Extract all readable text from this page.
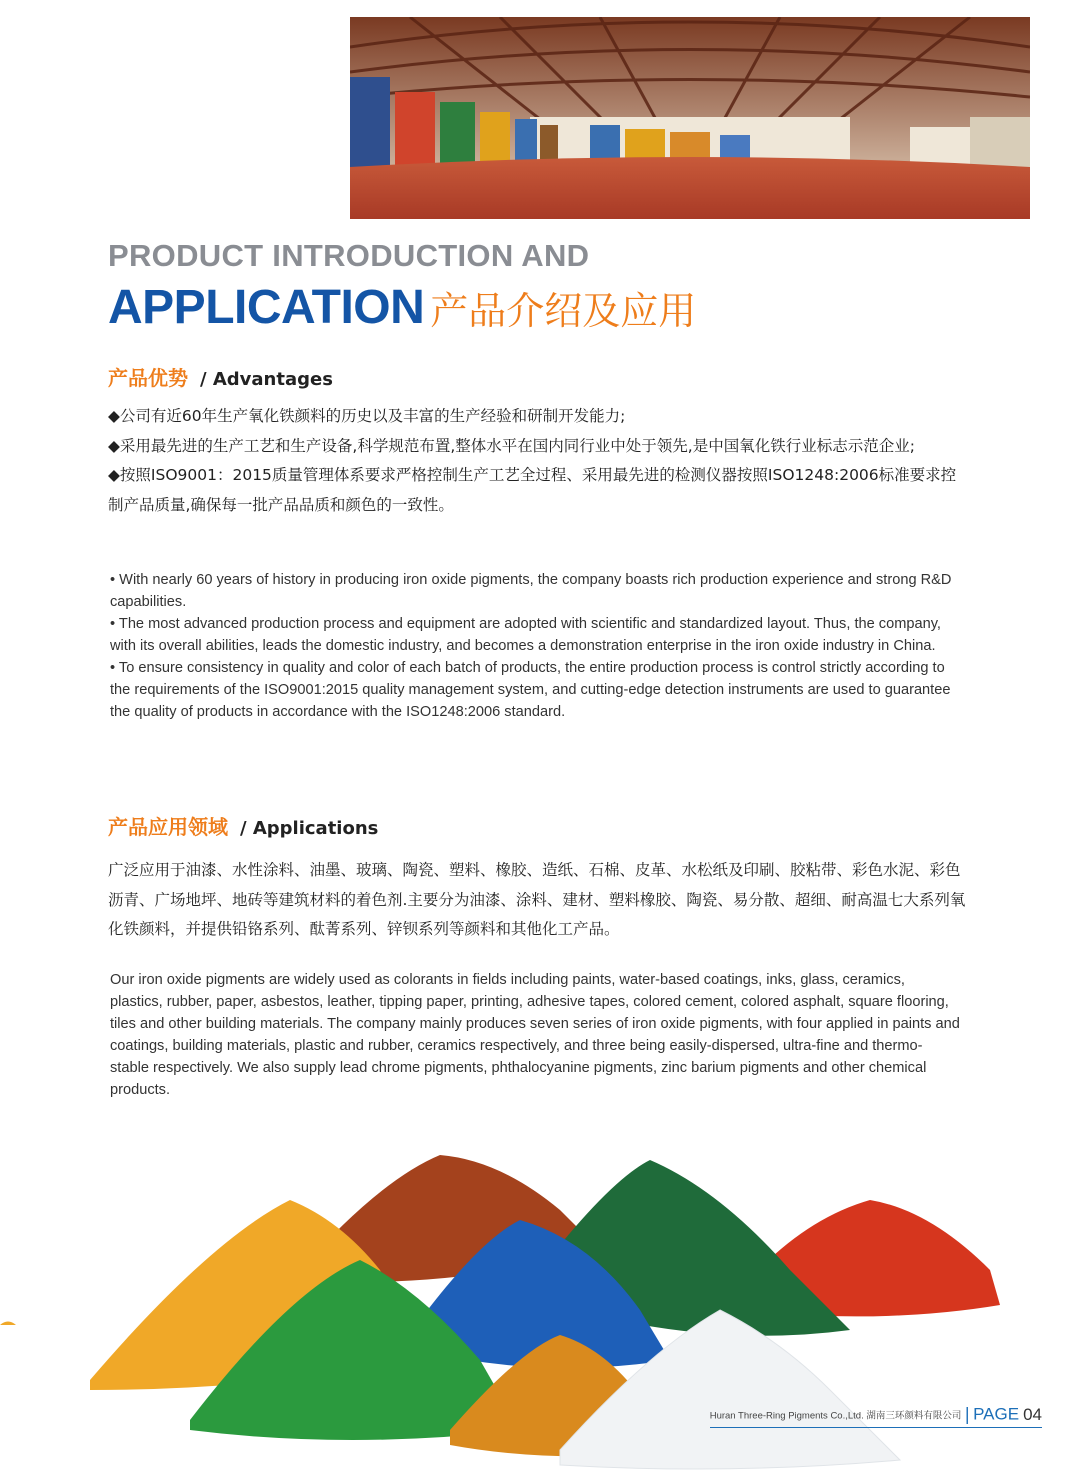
PRODUCT INTRODUCTION AND
APPLICATION 产品介绍及应用
产品优势 / Advantages

◆公司有近60年生产氧化铁颜料的历史以及丰富的生产经验和研制开发能力;

◆采用最先进的生产工艺和生产设备,科学规范布置,整体水平在国内同行业中处于领先,是中国氧化铁行业标志示范企业;

◆按照ISO9001：2015质量管理体系要求严格控制生产工艺全过程、采用最先进的检测仪器按照ISO1248:2006标准要求控制产品质量,确保每一批产品品质和颜色的一致性。

• With nearly 60 years of history in producing iron oxide pigments, the company boasts rich production experience and strong R&D capabilities.

• The most advanced production process and equipment are adopted with scientific and standardized layout. Thus, the company, with its overall abilities, leads the domestic industry, and becomes a demonstration enterprise in the iron oxide industry in China.

• To ensure consistency in quality and color of each batch of products, the entire production process is control strictly according to the requirements of the ISO9001:2015 quality management system, and cutting-edge detection instruments are used to guarantee the quality of products in accordance with the ISO1248:2006 standard.

产品应用领域 / Applications

广泛应用于油漆、水性涂料、油墨、玻璃、陶瓷、塑料、橡胶、造纸、石棉、皮革、水松纸及印刷、胶粘带、彩色水泥、彩色沥青、广场地坪、地砖等建筑材料的着色剂.主要分为油漆、涂料、建材、塑料橡胶、陶瓷、易分散、超细、耐高温七大系列氧化铁颜料，并提供铅铬系列、酞菁系列、锌钡系列等颜料和其他化工产品。

Our iron oxide pigments are widely used as colorants in fields including paints, water-based coatings, inks, glass, ceramics, plastics, rubber, paper, asbestos, leather, tipping paper, printing, adhesive tapes, colored cement, colored asphalt, square flooring, tiles and other building materials. The company mainly produces seven series of iron oxide pigments, with four applied in paints and coatings, building materials, plastic and rubber, ceramics respectively, and three being easily-dispersed, ultra-fine and thermo-stable respectively. We also supply lead chrome pigments, phthalocyanine pigments, zinc barium pigments and other chemical products.

Huran Three-Ring Pigments Co.,Ltd. 湖南三环颜料有限公司 | PAGE 04
